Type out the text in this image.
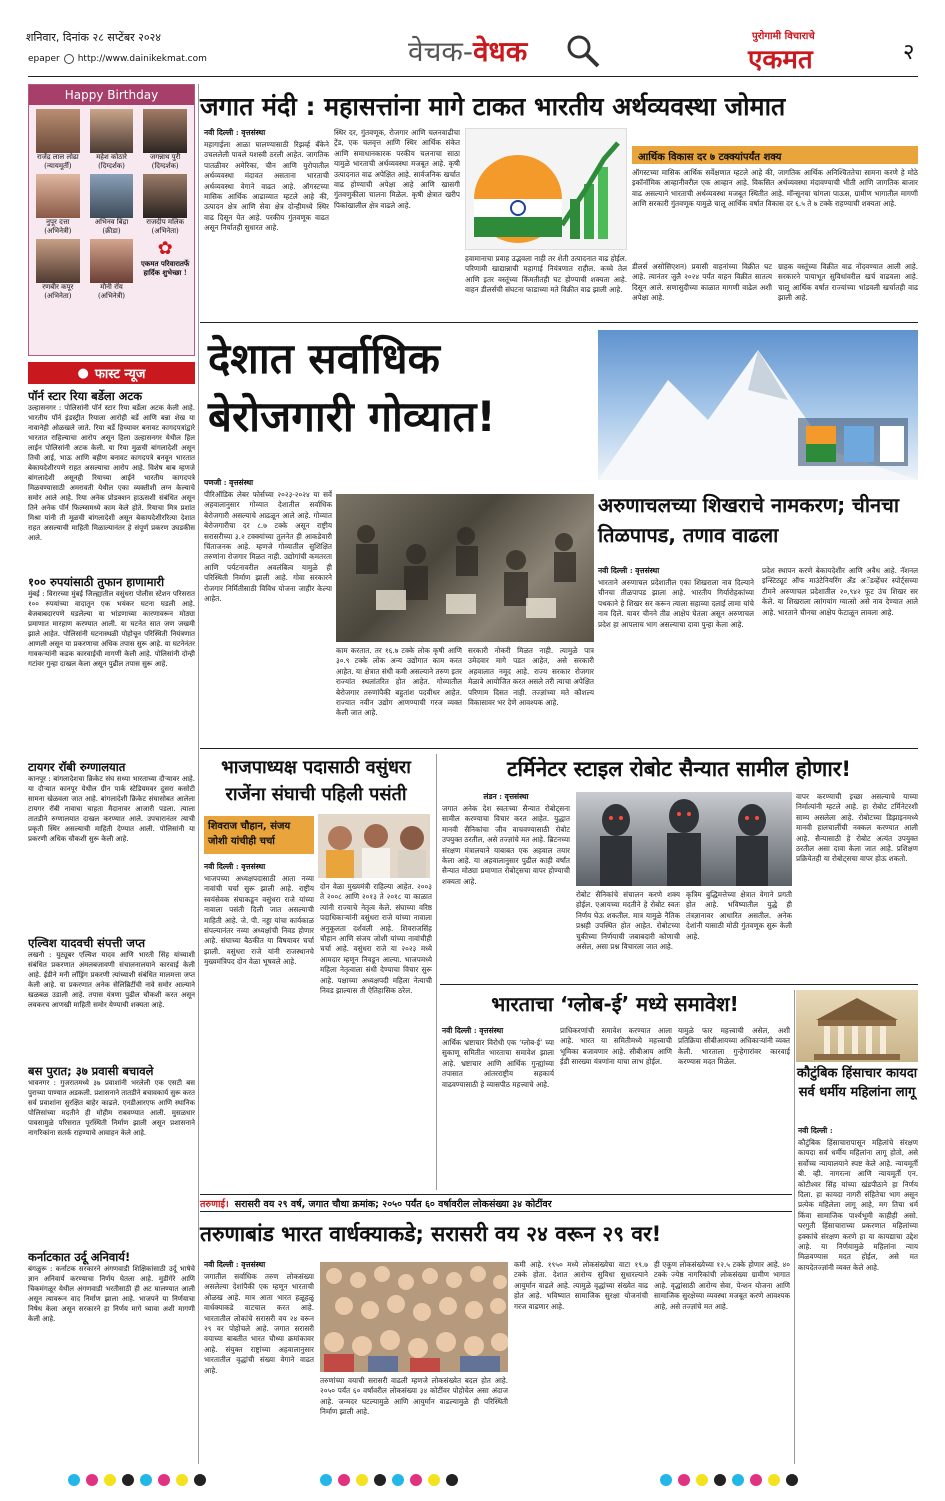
शनिवार, दिनांक २८ सप्टेंबर २०२४
epaper http://www.dainikekmat.com	वेचक-वेधक	पुरोगामी विचाराचे
एकमत	२
Happy Birthday
राजेंद्र लाल लोढा
(न्यायमूर्ती)
महेश कोठारे
(दिग्दर्शक)
जगन्नाथ पुरी
(दिग्दर्शक)
नुपूर दत्ता
(अभिनेत्री)
अभिनव बिंद्रा
(क्रीडा)
राजदीप मलिक
(अभिनेता)
रणबीर कपूर
(अभिनेता)
मौनी रॉय
(अभिनेत्री)
✿
एकमत परिवारातर्फे हार्दिक शुभेच्छा !
● फास्ट न्यूज
पॉर्न स्टार रिया बर्डेला अटक
उल्हासनगर : पोलिसांनी पॉर्न स्टार रिया बर्डेला अटक केली आहे. भारतीय पॉर्न इंडस्ट्रीत रियाला आरोही बर्डे आणि बन्ना शेख या नावानेही ओळखले जाते. रिया बर्डे हिच्यावर बनावट कागदपत्रांद्वारे भारतात राहिल्याचा आरोप असून हिला उल्हासनगर येथील हिल लाईन पोलिसांनी अटक केली. या रिया मुळची बांगलादेशी असून तिची आई, भाऊ आणि बहीण बनावट कागदपत्रे बनवून भारतात बेकायदेशीरपणे राहत असल्याचा आरोप आहे. विशेष बाब म्हणजे बांगलादेशी असूनही रियाच्या आईने भारतीय कागदपत्रे मिळवण्यासाठी अमरावती येथील एका व्यक्तीशी लग्न केल्याचे समोर आले आहे. रिया अनेक प्रोडक्शन हाऊसशी संबंधित असून तिने अनेक पॉर्न फिल्म्समध्ये काम केले होते. रियाचा मित्र प्रशांत मिश्रा यांनी ती मूळची बांगलादेशी असून बेकायदेशीररित्या देशात राहत असल्याची माहिती मिळाल्यानंतर हे संपूर्ण प्रकरण उघडकीस आले.
१०० रुपयांसाठी तुफान हाणामारी
मुंबई : विरारच्या मुंबई जिल्ह्यातील वसुंधरा पोलीस स्टेशन परिसरात १०० रुपयांच्या वादातून एक भयंकर घटना घडली आहे. बेजबाबदारपणे घडलेल्या या भांडणाच्या कारणावरून मोठ्या प्रमाणात मारहाण करण्यात आली. या घटनेत सात जण जखमी झाले आहेत. पोलिसांनी घटनास्थळी पोहोचून परिस्थिती नियंत्रणात आणली असून या प्रकरणाचा अधिक तपास सुरू आहे. या घटनेनंतर गावकऱ्यांनी कडक कारवाईची मागणी केली आहे. पोलिसांनी दोन्ही गटांवर गुन्हा दाखल केला असून पुढील तपास सुरू आहे.
टायगर रॉबी रुग्णालयात
कानपूर : बांगलादेशचा क्रिकेट संघ सध्या भारताच्या दौऱ्यावर आहे. या दौऱ्यात कानपूर येथील ग्रीन पार्क स्टेडियमवर दुसरा कसोटी सामना खेळवला जात आहे. बांगलादेशी क्रिकेट संघासोबत आलेला टायगर रॉबी नावाचा चाहता मैदानावर आजारी पडला. त्याला तातडीने रुग्णालयात दाखल करण्यात आले. उपचारानंतर त्याची प्रकृती स्थिर असल्याची माहिती देण्यात आली. पोलिसांनी या प्रकरणी अधिक चौकशी सुरू केली आहे.
एल्विश यादवची संपत्ती जप्त
लखनौ : युट्यूबर एल्विश यादव आणि भारती सिंह यांच्याशी संबंधित प्रकरणात अंमलबजावणी संचालनालयाने कारवाई केली आहे. ईडीने मनी लाँड्रिंग प्रकरणी त्यांच्याशी संबंधित मालमत्ता जप्त केली आहे. या प्रकरणात अनेक सेलिब्रिटींची नावे समोर आल्याने खळबळ उडाली आहे. तपास यंत्रणा पुढील चौकशी करत असून लवकरच आणखी माहिती समोर येण्याची शक्यता आहे.
बस पुरात; ३७ प्रवासी बचावले
भावनगर : गुजरातमध्ये ३७ प्रवाशांनी भरलेली एक एसटी बस पुराच्या पाण्यात अडकली. प्रशासनाने तातडीने बचावकार्य सुरू करत सर्व प्रवाशांना सुरक्षित बाहेर काढले. एनडीआरएफ आणि स्थानिक पोलिसांच्या मदतीने ही मोहीम राबवण्यात आली. मुसळधार पावसामुळे परिसरात पूरस्थिती निर्माण झाली असून प्रशासनाने नागरिकांना सतर्क राहण्याचे आवाहन केले आहे.
कर्नाटकात उर्दू अनिवार्य!
बंगळुरू : कर्नाटक सरकारने अंगणवाडी शिक्षिकांसाठी उर्दू भाषेचे ज्ञान अनिवार्य करण्याचा निर्णय घेतला आहे. मुडीगेरे आणि चिकमंगळूर येथील अंगणवाडी भरतीसाठी ही अट घालण्यात आली असून त्यावरून वाद निर्माण झाला आहे. भाजपने या निर्णयाचा निषेध केला असून सरकारने हा निर्णय मागे घ्यावा अशी मागणी केली आहे.
जगात मंदी : महासत्तांना मागे टाकत भारतीय अर्थव्यवस्था जोमात
नवी दिल्ली : वृत्तसंस्था
महागाईला आळा घालण्यासाठी रिझर्व्ह बँकेने उचललेली पावले यशस्वी ठरली आहेत. जागतिक पातळीवर अमेरिका, चीन आणि युरोपातील अर्थव्यवस्था मंदावत असताना भारताची अर्थव्यवस्था वेगाने वाढत आहे. ऑगस्टच्या मासिक आर्थिक आढाव्यात म्हटले आहे की, उत्पादन क्षेत्र आणि सेवा क्षेत्र दोन्हीमध्ये स्थिर वाढ दिसून येत आहे. परकीय गुंतवणूक वाढत असून निर्यातही सुधारत आहे.
स्थिर दर, गुंतवणूक, रोजगार आणि चलनवाढीचा ट्रेंड, एक चलवृत्त आणि स्थिर आर्थिक संकेत आणि समाधानकारक परकीय चलनाचा साठा यामुळे भारताची अर्थव्यवस्था मजबूत आहे. कृषी उत्पादनात वाढ अपेक्षित आहे. सार्वजनिक खर्चात वाढ होण्याची अपेक्षा आहे आणि खासगी गुंतवणुकीला चालना मिळेल. कृषी क्षेत्रात खरीप पिकांखालील क्षेत्र वाढले आहे.
हवामानाचा प्रवाह उद्भवला नाही तर शेती उत्पादनात वाढ होईल. परिणामी खाद्यान्नाची महागाई नियंत्रणात राहील. कच्चे तेल आणि इतर वस्तूंच्या किंमतीतही घट होण्याची शक्यता आहे. वाहन डीलर्सची संघटना फाडाच्या मते विक्रीत वाढ झाली आहे.
आर्थिक विकास दर ७ टक्क्यांपर्यंत शक्य
ऑगस्टच्या मासिक आर्थिक सर्वेक्षणात म्हटले आहे की, जागतिक आर्थिक अनिश्चिततेचा सामना करणे हे मोठे इकॉनॉमिक आव्हानीवरील एक आव्हान आहे. विकसित अर्थव्यवस्था मंदावण्याची भीती आणि जागतिक बाजार वाढ असल्याने भारताची अर्थव्यवस्था मजबूत स्थितीत आहे. मॉन्सूनचा चांगला पाऊस, ग्रामीण भागातील मागणी आणि सरकारी गुंतवणूक यामुळे चालू आर्थिक वर्षात विकास दर ६.५ ते ७ टक्के राहण्याची शक्यता आहे.
डीलर्स असोसिएशन) प्रवासी वाहनांच्या विक्रीत घट आहे. त्यानंतर जुलै २०२४ पर्यंत वाहन विक्रीत सातत्य दिसून आले. सणासुदीच्या काळात मागणी वाढेल अशी अपेक्षा आहे.
ग्राहक वस्तूंच्या विक्रीत वाढ नोंदवण्यात आली आहे. सरकारने पायाभूत सुविधांवरील खर्च वाढवला आहे. चालू आर्थिक वर्षात राज्यांच्या भांडवली खर्चातही वाढ झाली आहे.
देशात सर्वाधिक बेरोजगारी गोव्यात!
पणजी : वृत्तसंस्था
पीरिऑडिक लेबर फोर्सच्या २०२३-२०२४ या सर्वे अहवालानुसार गोव्यात देशातील सर्वाधिक बेरोजगारी असल्याचे आढळून आले आहे. गोव्यात बेरोजगारीचा दर ८.७ टक्के असून राष्ट्रीय सरासरीच्या ३.२ टक्क्यांच्या तुलनेत ही आकडेवारी चिंताजनक आहे. म्हणजे गोव्यातील सुशिक्षित तरुणांना रोजगार मिळत नाही. उद्योगांची कमतरता आणि पर्यटनावरील अवलंबित्व यामुळे ही परिस्थिती निर्माण झाली आहे. गोवा सरकारने रोजगार निर्मितीसाठी विविध योजना जाहीर केल्या आहेत.
काम करतात. तर १६.७ टक्के लोक कृषी आणि ३०.९ टक्के लोक अन्य उद्योगात काम करत आहेत. या क्षेत्रात संधी कमी असल्याने तरुण इतर राज्यांत स्थलांतरित होत आहेत. गोव्यातील बेरोजगार तरुणांपैकी बहुतांश पदवीधर आहेत. राज्यात नवीन उद्योग आणण्याची गरज व्यक्त केली जात आहे.
सरकारी नोकरी मिळत नाही. त्यामुळे पात्र उमेदवार मागे पडत आहेत, असे सरकारी अहवालात नमूद आहे. राज्य सरकार रोजगार मेळावे आयोजित करत असले तरी त्याचा अपेक्षित परिणाम दिसत नाही. तज्ज्ञांच्या मते कौशल्य विकासावर भर देणे आवश्यक आहे.
अरुणाचलच्या शिखराचे नामकरण; चीनचा तिळपापड, तणाव वाढला
नवी दिल्ली : वृत्तसंस्था
भारताने अरुणाचल प्रदेशातील एका शिखराला नाव दिल्याने चीनचा तीळपापड झाला आहे. भारतीय गिर्यारोहकांच्या पथकाने हे शिखर सर करून त्याला सहाव्या दलाई लामा यांचे नाव दिले. यावर चीनने तीव्र आक्षेप घेतला असून अरुणाचल प्रदेश हा आपलाच भाग असल्याचा दावा पुन्हा केला आहे.
प्रदेश स्थापन करणे बेकायदेशीर आणि अवैध आहे. नॅशनल इन्स्टिट्यूट ऑफ माउंटेनियरिंग अँड अॅडव्हेंचर स्पोर्ट्सच्या टीमने अरुणाचल प्रदेशातील २०,९४२ फूट उंच शिखर सर केले. या शिखराला त्सांगयांग ग्यात्सो असे नाव देण्यात आले आहे. भारताने चीनचा आक्षेप फेटाळून लावला आहे.
भाजपाध्यक्ष पदासाठी वसुंधरा राजेंना संघाची पहिली पसंती
शिवराज चौहान, संजय जोशी यांचीही चर्चा
नवी दिल्ली : वृत्तसंस्था
भाजपच्या अध्यक्षपदासाठी आता नव्या नावांची चर्चा सुरू झाली आहे. राष्ट्रीय स्वयंसेवक संघाकडून वसुंधरा राजे यांच्या नावाला पसंती दिली जात असल्याची माहिती आहे. जे. पी. नड्डा यांचा कार्यकाळ संपल्यानंतर नव्या अध्यक्षांची निवड होणार आहे. संघाच्या बैठकीत या विषयावर चर्चा झाली. वसुंधरा राजे यांनी राजस्थानचे मुख्यमंत्रिपद दोन वेळा भूषवले आहे.
दोन वेळा मुख्यमंत्री राहिल्या आहेत. २००३ ते २००८ आणि २०१३ ते २०१८ या काळात त्यांनी राज्याचे नेतृत्व केले. संघाच्या वरिष्ठ पदाधिकाऱ्यांनी वसुंधरा राजे यांच्या नावाला अनुकूलता दर्शवली आहे. शिवराजसिंह चौहान आणि संजय जोशी यांच्या नावांचीही चर्चा आहे. वसुंधरा राजे या २०२३ मध्ये आमदार म्हणून निवडून आल्या. भाजपमध्ये महिला नेतृत्वाला संधी देण्याचा विचार सुरू आहे. पक्षाच्या अध्यक्षपदी महिला नेत्याची निवड झाल्यास ती ऐतिहासिक ठरेल.
टर्मिनेटर स्टाइल रोबोट सैन्यात सामील होणार!
लंडन : वृत्तसंस्था
जगात अनेक देश स्वतःच्या सैन्यात रोबोट्सना सामील करण्याचा विचार करत आहेत. युद्धात मानवी सैनिकांचा जीव वाचवण्यासाठी रोबोट उपयुक्त ठरतील, असे तज्ज्ञांचे मत आहे. ब्रिटनच्या संरक्षण मंत्रालयाने याबाबत एक अहवाल तयार केला आहे. या अहवालानुसार पुढील काही वर्षांत सैन्यात मोठ्या प्रमाणात रोबोट्सचा वापर होण्याची शक्यता आहे.
वापर करण्याची इच्छा असल्याचे याच्या निर्मात्यांनी म्हटले आहे. हा रोबोट टर्मिनेटरशी साम्य असलेला आहे. रोबोटच्या डिझाइनमध्ये मानवी हालचालींची नक्कल करण्यात आली आहे. सैन्यासाठी हे रोबोट अत्यंत उपयुक्त ठरतील असा दावा केला जात आहे. प्रशिक्षण प्रक्रियेतही या रोबोट्सचा वापर होऊ शकतो.
रोबोट सैनिकांचे संचालन करणे शक्य होईल. एआयच्या मदतीने हे रोबोट स्वतः निर्णय घेऊ शकतील. मात्र यामुळे नैतिक प्रश्नही उपस्थित होत आहेत. रोबोटच्या चुकीच्या निर्णयाची जबाबदारी कोणाची असेल, असा प्रश्न विचारला जात आहे.
कृत्रिम बुद्धिमत्तेच्या क्षेत्रात वेगाने प्रगती होत आहे. भविष्यातील युद्धे ही तंत्रज्ञानावर आधारित असतील. अनेक देशांनी यासाठी मोठी गुंतवणूक सुरू केली आहे.
भारताचा ‘ग्लोब-ई’ मध्ये समावेश!
नवी दिल्ली : वृत्तसंस्था
आर्थिक भ्रष्टाचार विरोधी एक ‘ग्लोब-ई’ च्या सुकाणू समितीत भारताचा समावेश झाला आहे. भ्रष्टाचार आणि आर्थिक गुन्ह्यांच्या तपासात आंतरराष्ट्रीय सहकार्य वाढवण्यासाठी हे व्यासपीठ महत्त्वाचे आहे.
प्राधिकरणांची समावेश करण्यात आला आहे. भारत या समितीमध्ये महत्त्वाची भूमिका बजावणार आहे. सीबीआय आणि ईडी सारख्या यंत्रणांना याचा लाभ होईल.
यामुळे फार महत्त्वाची असेल, अशी प्रतिक्रिया सीबीआयच्या अधिकाऱ्यांनी व्यक्त केली. भारताला गुन्हेगारांवर कारवाई करण्यास मदत मिळेल.
कौटुंबिक हिंसाचार कायदा सर्व धर्मीय महिलांना लागू
नवी दिल्ली :
कौटुंबिक हिंसाचारापासून महिलांचे संरक्षण कायदा सर्व धर्मीय महिलांना लागू होतो, असे सर्वोच्च न्यायालयाने स्पष्ट केले आहे. न्यायमूर्ती बी. व्ही. नागरत्ना आणि न्यायमूर्ती एन. कोटीश्वर सिंह यांच्या खंडपीठाने हा निर्णय दिला. हा कायदा नागरी संहितेचा भाग असून प्रत्येक महिलेला लागू आहे, मग तिचा धर्म किंवा सामाजिक पार्श्वभूमी काहीही असो. घरगुती हिंसाचाराच्या प्रकरणात महिलांच्या हक्कांचे संरक्षण करणे हा या कायद्याचा उद्देश आहे. या निर्णयामुळे महिलांना न्याय मिळवण्यास मदत होईल, असे मत कायदेतज्ज्ञांनी व्यक्त केले आहे.
तरुणाई। सरासरी वय २९ वर्ष, जगात चौथा क्रमांक; २०५० पर्यंत ६० वर्षावरील लोकसंख्या ३४ कोटींवर
तरुणाबांड भारत वार्धक्याकडे; सरासरी वय २४ वरून २९ वर!
नवी दिल्ली : वृत्तसंस्था
जगातील सर्वाधिक तरुण लोकसंख्या असलेल्या देशांपैकी एक म्हणून भारताची ओळख आहे. मात्र आता भारत हळूहळू वार्धक्याकडे वाटचाल करत आहे. भारतातील लोकांचे सरासरी वय २४ वरून २९ वर पोहोचले आहे. जगात सरासरी वयाच्या बाबतीत भारत चौथ्या क्रमांकावर आहे. संयुक्त राष्ट्रांच्या अहवालानुसार भारतातील वृद्धांची संख्या वेगाने वाढत आहे.
तरुणांच्या वयाची सरासरी वाढली म्हणजे लोकसंख्येत बदल होत आहे. २०५० पर्यंत ६० वर्षांवरील लोकसंख्या ३४ कोटींवर पोहोचेल असा अंदाज आहे. जन्मदर घटल्यामुळे आणि आयुर्मान वाढल्यामुळे ही परिस्थिती निर्माण झाली आहे.
कमी आहे. १९५० मध्ये लोकसंख्येचा वाटा १९.७ टक्के होता. देशात आरोग्य सुविधा सुधारल्याने आयुर्मान वाढले आहे. त्यामुळे वृद्धांच्या संख्येत वाढ होत आहे. भविष्यात सामाजिक सुरक्षा योजनांची गरज वाढणार आहे.
ही एकूण लोकसंख्येच्या १२.५ टक्के होणार आहे. ४० टक्के ज्येष्ठ नागरिकांची लोकसंख्या ग्रामीण भागात आहे. वृद्धांसाठी आरोग्य सेवा, पेन्शन योजना आणि सामाजिक सुरक्षेच्या व्यवस्था मजबूत करणे आवश्यक आहे, असे तज्ज्ञांचे मत आहे.
